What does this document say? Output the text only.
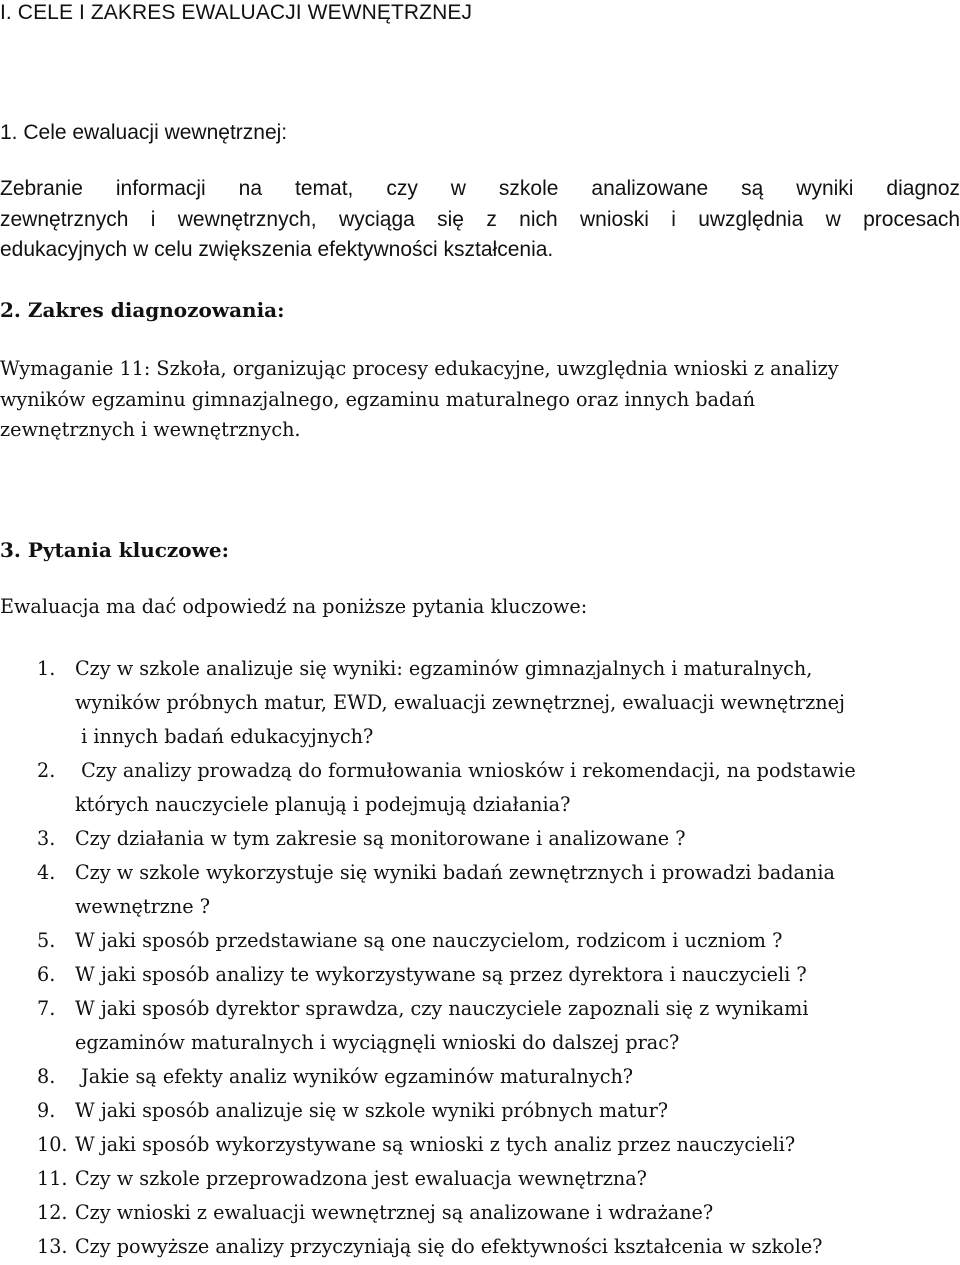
I. CELE I ZAKRES EWALUACJI WEWNĘTRZNEJ
1. Cele ewaluacji wewnętrznej:
Zebranie informacji na temat, czy w szkole analizowane są wyniki diagnoz
zewnętrznych i wewnętrznych, wyciąga się z nich wnioski i uwzględnia w procesach
edukacyjnych w celu zwiększenia efektywności kształcenia.
2. Zakres diagnozowania:
Wymaganie 11: Szkoła, organizując procesy edukacyjne, uwzględnia wnioski z analizy
wyników egzaminu gimnazjalnego, egzaminu maturalnego oraz innych badań
zewnętrznych i wewnętrznych.
3. Pytania kluczowe:

Ewaluacja ma dać odpowiedź na poniższe pytania kluczowe:

1. Czy w szkole analizuje się wyniki: egzaminów gimnazjalnych i maturalnych,
wyników próbnych matur, EWD, ewaluacji zewnętrznej, ewaluacji wewnętrznej
i innych badań edukacyjnych?
2. Czy analizy prowadzą do formułowania wniosków i rekomendacji, na podstawie
których nauczyciele planują i podejmują działania?
3. Czy działania w tym zakresie są monitorowane i analizowane ?
4. Czy w szkole wykorzystuje się wyniki badań zewnętrznych i prowadzi badania
wewnętrzne ?
5. W jaki sposób przedstawiane są one nauczycielom, rodzicom i uczniom ?
6. W jaki sposób analizy te wykorzystywane są przez dyrektora i nauczycieli ?
7. W jaki sposób dyrektor sprawdza, czy nauczyciele zapoznali się z wynikami
egzaminów maturalnych i wyciągnęli wnioski do dalszej prac?
8. Jakie są efekty analiz wyników egzaminów maturalnych?
9. W jaki sposób analizuje się w szkole wyniki próbnych matur?
10. W jaki sposób wykorzystywane są wnioski z tych analiz przez nauczycieli?
11. Czy w szkole przeprowadzona jest ewaluacja wewnętrzna?
12. Czy wnioski z ewaluacji wewnętrznej są analizowane i wdrażane?
13. Czy powyższe analizy przyczyniają się do efektywności kształcenia w szkole?
